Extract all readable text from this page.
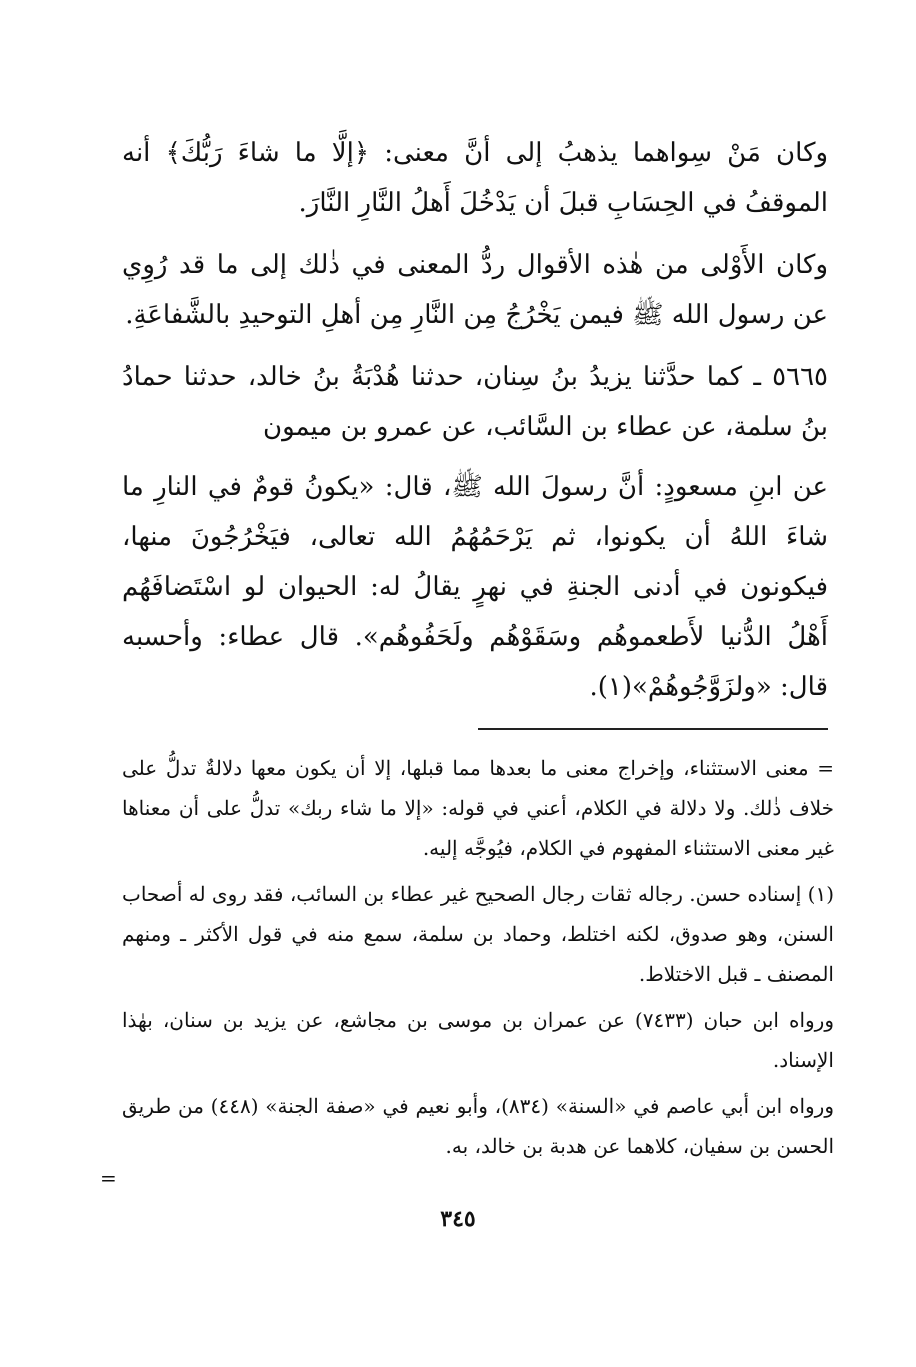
وكان مَنْ سِواهما يذهبُ إلى أنَّ معنى: ﴿إلَّا ما شاءَ رَبُّكَ﴾ أنه الموقفُ في الحِسَابِ قبلَ أن يَدْخُلَ أَهلُ النَّارِ النَّارَ.

وكان الأَوْلى من هٰذه الأقوال ردُّ المعنى في ذٰلك إلى ما قد رُوِي عن رسول الله ﷺ فيمن يَخْرُجُ مِن النَّارِ مِن أهلِ التوحيدِ بالشَّفاعَةِ.

٥٦٦٥ ـ كما حدَّثنا يزيدُ بنُ سِنان، حدثنا هُدْبَةُ بنُ خالد، حدثنا حمادُ بنُ سلمة، عن عطاء بن السَّائب، عن عمرو بن ميمون

عن ابنِ مسعودٍ: أنَّ رسولَ الله ﷺ، قال: «يكونُ قومٌ في النارِ ما شاءَ اللهُ أن يكونوا، ثم يَرْحَمُهُمُ الله تعالى، فيَخْرُجُونَ منها، فيكونون في أدنى الجنةِ في نهرٍ يقالُ له: الحيوان لو اسْتَضافَهُم أَهْلُ الدُّنيا لأَطعموهُم وسَقَوْهُم ولَحَفُوهُم». قال عطاء: وأحسبه قال: «ولزَوَّجُوهُمْ»(١).

= معنى الاستثناء، وإخراج معنى ما بعدها مما قبلها، إلا أن يكون معها دلالةٌ تدلُّ على خلاف ذٰلك. ولا دلالة في الكلام، أعني في قوله: «إلا ما شاء ربك» تدلُّ على أن معناها غير معنى الاستثناء المفهوم في الكلام، فيُوجَّه إليه.

(١) إسناده حسن. رجاله ثقات رجال الصحيح غير عطاء بن السائب، فقد روى له أصحاب السنن، وهو صدوق، لكنه اختلط، وحماد بن سلمة، سمع منه في قول الأكثر ـ ومنهم المصنف ـ قبل الاختلاط.

ورواه ابن حبان (٧٤٣٣) عن عمران بن موسى بن مجاشع، عن يزيد بن سنان، بهٰذا الإسناد.

ورواه ابن أبي عاصم في «السنة» (٨٣٤)، وأبو نعيم في «صفة الجنة» (٤٤٨) من طريق الحسن بن سفيان، كلاهما عن هدبة بن خالد، به.

=
٣٤٥
